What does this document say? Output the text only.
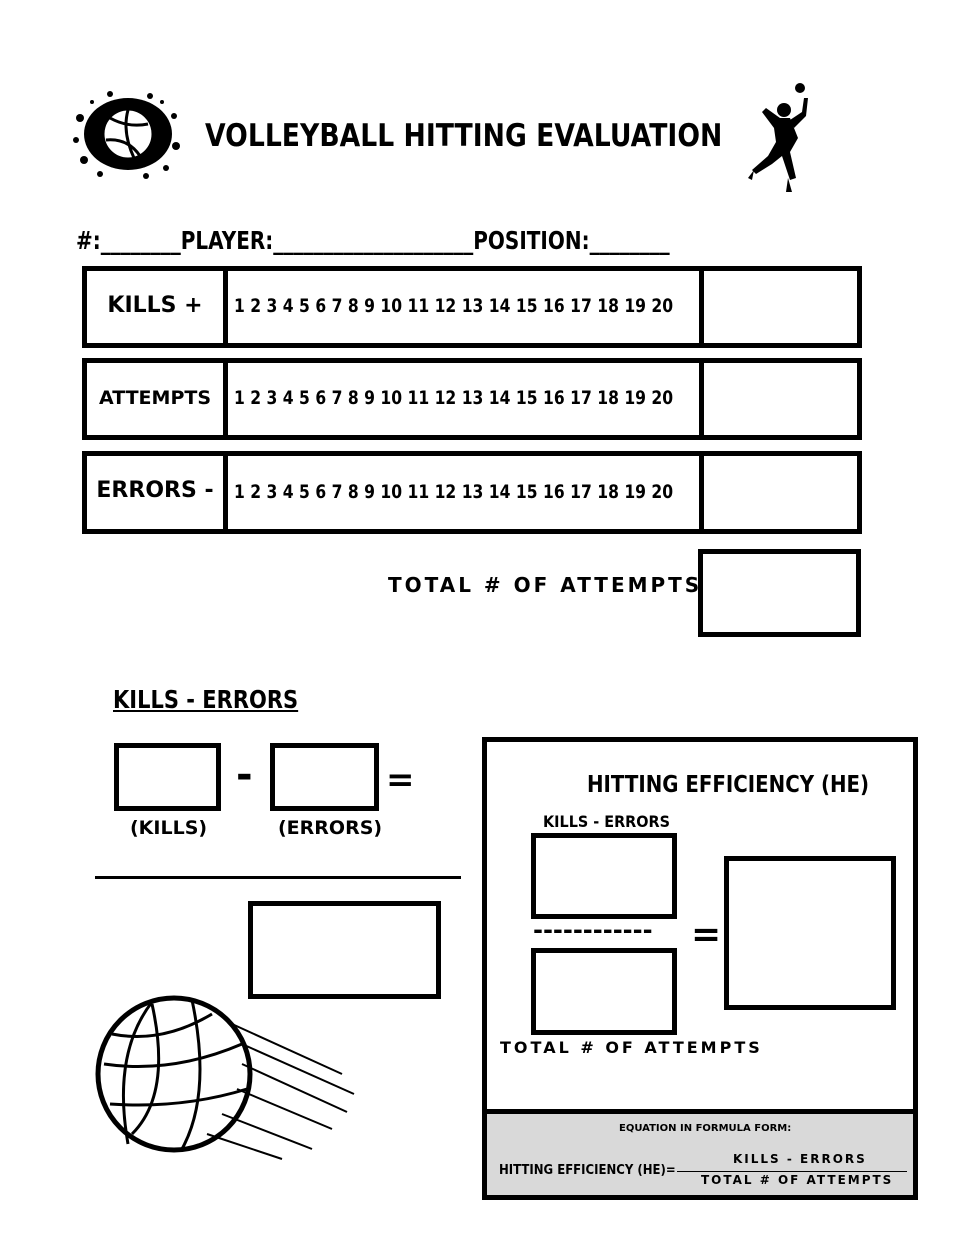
VOLLEYBALL HITTING EVALUATION
#:________PLAYER:____________________POSITION:________
KILLS +	1 2 3 4 5 6 7 8 9 10 11 12 13 14 15 16 17 18 19 20
ATTEMPTS	1 2 3 4 5 6 7 8 9 10 11 12 13 14 15 16 17 18 19 20
ERRORS -	1 2 3 4 5 6 7 8 9 10 11 12 13 14 15 16 17 18 19 20
TOTAL # OF ATTEMPTS
KILLS - ERRORS
-	=
(KILLS)	(ERRORS)
HITTING EFFICIENCY (HE)
KILLS - ERRORS
------------ =
TOTAL # OF ATTEMPTS
EQUATION IN FORMULA FORM:
HITTING EFFICIENCY (HE)=
KILLS - ERRORS
TOTAL # OF ATTEMPTS
